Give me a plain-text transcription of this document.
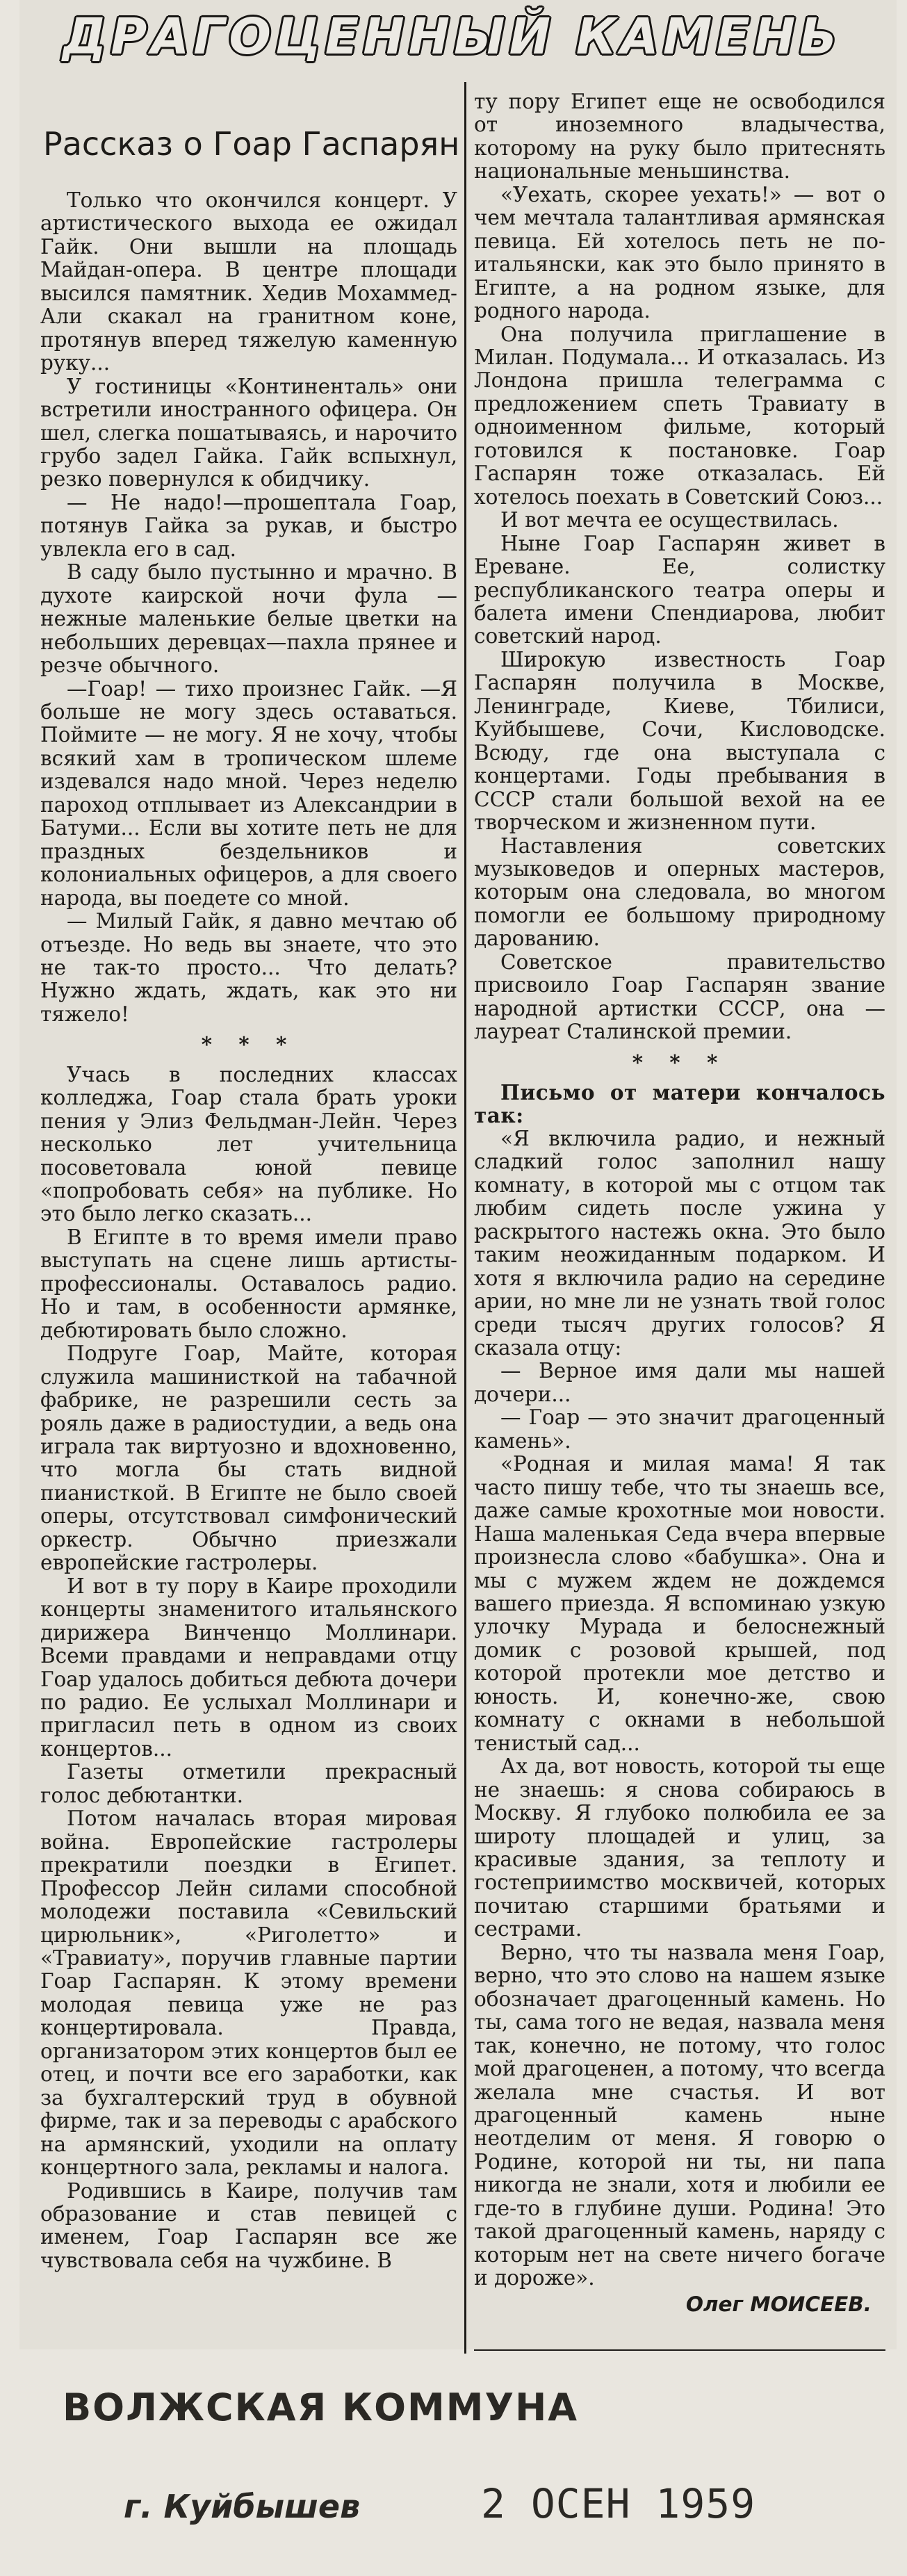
ДРАГОЦЕННЫЙ КАМЕНЬ
Рассказ о Гоар Гаспарян

Только что окончился концерт. У артистического выхода ее ожидал Гайк. Они вышли на площадь Майдан-опера. В центре площади высился памятник. Хедив Мохаммед-Али скакал на гранитном коне, протянув вперед тяжелую каменную руку...

У гостиницы «Континенталь» они встретили иностранного офицера. Он шел, слегка пошатываясь, и нарочито грубо задел Гайка. Гайк вспыхнул, резко повернулся к обидчику.

— Не надо!—прошептала Гоар, потянув Гайка за рукав, и быстро увлекла его в сад.

В саду было пустынно и мрачно. В духоте каирской ночи фула — нежные маленькие белые цветки на небольших деревцах—пахла прянее и резче обычного.

—Гоар! — тихо произнес Гайк. —Я больше не могу здесь оставаться. Поймите — не могу. Я не хочу, чтобы всякий хам в тропическом шлеме издевался надо мной. Через неделю пароход отплывает из Александрии в Батуми... Если вы хотите петь не для праздных бездельников и колониальных офицеров, а для своего народа, вы поедете со мной.

— Милый Гайк, я давно мечтаю об отъезде. Но ведь вы знаете, что это не так-то просто... Что делать? Нужно ждать, ждать, как это ни тяжело!

* * *

Учась в последних классах колледжа, Гоар стала брать уроки пения у Элиз Фельдман-Лейн. Через несколько лет учительница посоветовала юной певице «попробовать себя» на публике. Но это было легко сказать...

В Египте в то время имели право выступать на сцене лишь артисты-профессионалы. Оставалось радио. Но и там, в особенности армянке, дебютировать было сложно.

Подруге Гоар, Майте, которая служила машинисткой на табачной фабрике, не разрешили сесть за рояль даже в радиостудии, а ведь она играла так виртуозно и вдохновенно, что могла бы стать видной пианисткой. В Египте не было своей оперы, отсутствовал симфонический оркестр. Обычно приезжали европейские гастролеры.

И вот в ту пору в Каире проходили концерты знаменитого итальянского дирижера Винченцо Моллинари. Всеми правдами и неправдами отцу Гоар удалось добиться дебюта дочери по радио. Ее услыхал Моллинари и пригласил петь в одном из своих концертов...

Газеты отметили прекрасный голос дебютантки.

Потом началась вторая мировая война. Европейские гастролеры прекратили поездки в Египет. Профессор Лейн силами способной молодежи поставила «Севильский цирюльник», «Риголетто» и «Травиату», поручив главные партии Гоар Гаспарян. К этому времени молодая певица уже не раз концертировала. Правда, организатором этих концертов был ее отец, и почти все его заработки, как за бухгалтерский труд в обувной фирме, так и за переводы с арабского на армянский, уходили на оплату концертного зала, рекламы и налога.

Родившись в Каире, получив там образование и став певицей с именем, Гоар Гаспарян все же чувствовала себя на чужбине. В

ту пору Египет еще не освободился от иноземного владычества, которому на руку было притеснять национальные меньшинства.

«Уехать, скорее уехать!» — вот о чем мечтала талантливая армянская певица. Ей хотелось петь не по-итальянски, как это было принято в Египте, а на родном языке, для родного народа.

Она получила приглашение в Милан. Подумала... И отказалась. Из Лондона пришла телеграмма с предложением спеть Травиату в одноименном фильме, который готовился к постановке. Гоар Гаспарян тоже отказалась. Ей хотелось поехать в Советский Союз...

И вот мечта ее осуществилась.

Ныне Гоар Гаспарян живет в Ереване. Ее, солистку республиканского театра оперы и балета имени Спендиарова, любит советский народ.

Широкую известность Гоар Гаспарян получила в Москве, Ленинграде, Киеве, Тбилиси, Куйбышеве, Сочи, Кисловодске. Всюду, где она выступала с концертами. Годы пребывания в СССР стали большой вехой на ее творческом и жизненном пути.

Наставления советских музыковедов и оперных мастеров, которым она следовала, во многом помогли ее большому природному дарованию.

Советское правительство присвоило Гоар Гаспарян звание народной артистки СССР, она — лауреат Сталинской премии.

* * *

Письмо от матери кончалось так:

«Я включила радио, и нежный сладкий голос заполнил нашу комнату, в которой мы с отцом так любим сидеть после ужина у раскрытого настежь окна. Это было таким неожиданным подарком. И хотя я включила радио на середине арии, но мне ли не узнать твой голос среди тысяч других голосов? Я сказала отцу:

— Верное имя дали мы нашей дочери...

— Гоар — это значит драгоценный камень».

«Родная и милая мама! Я так часто пишу тебе, что ты знаешь все, даже самые крохотные мои новости. Наша маленькая Седа вчера впервые произнесла слово «бабушка». Она и мы с мужем ждем не дождемся вашего приезда. Я вспоминаю узкую улочку Мурада и белоснежный домик с розовой крышей, под которой протекли мое детство и юность. И, конечно-же, свою комнату с окнами в небольшой тенистый сад...

Ах да, вот новость, которой ты еще не знаешь: я снова собираюсь в Москву. Я глубоко полюбила ее за широту площадей и улиц, за красивые здания, за теплоту и гостеприимство москвичей, которых почитаю старшими братьями и сестрами.

Верно, что ты назвала меня Гоар, верно, что это слово на нашем языке обозначает драгоценный камень. Но ты, сама того не ведая, назвала меня так, конечно, не потому, что голос мой драгоценен, а потому, что всегда желала мне счастья. И вот драгоценный камень ныне неотделим от меня. Я говорю о Родине, которой ни ты, ни папа никогда не знали, хотя и любили ее где-то в глубине души. Родина! Это такой драгоценный камень, наряду с которым нет на свете ничего богаче и дороже».

Олег МОИСЕЕВ.

ВОЛЖСКАЯ КОММУНА
г. Куйбышев	2 ОСЕН 1959
